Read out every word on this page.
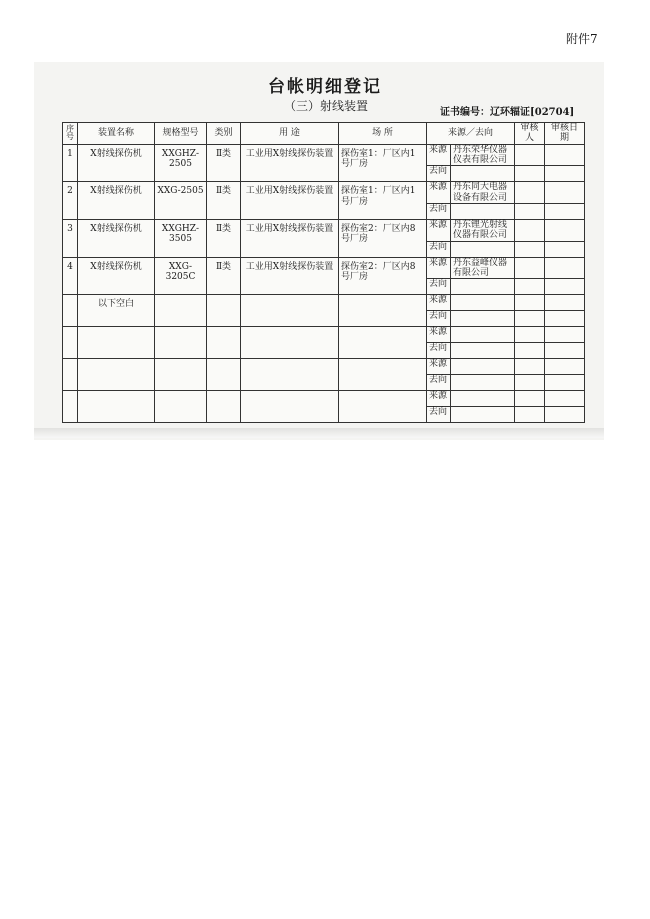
附件7
台帐明细登记
（三）射线装置	证书编号：辽环辐证[02704]
序号	装置名称	规格型号	类别	用 途	场 所	来源／去向		审核人	审核日期
1	X射线探伤机	XXGHZ-2505	Ⅱ类	工业用X射线探伤装置	探伤室1：厂区内1号厂房	来源	丹东荣华仪器仪表有限公司		
						去向			
2	X射线探伤机	XXG-2505	Ⅱ类	工业用X射线探伤装置	探伤室1：厂区内1号厂房	来源	丹东同大电器设备有限公司		
						去向			
3	X射线探伤机	XXGHZ-3505	Ⅱ类	工业用X射线探伤装置	探伤室2：厂区内8号厂房	来源	丹东锂光射线仪器有限公司		
						去向			
4	X射线探伤机	XXG-3205C	Ⅱ类	工业用X射线探伤装置	探伤室2：厂区内8号厂房	来源	丹东益峰仪器有限公司		
						去向			
	以下空白					来源			
						去向			
						来源			
						去向			
						来源			
						去向			
						来源			
						去向			
